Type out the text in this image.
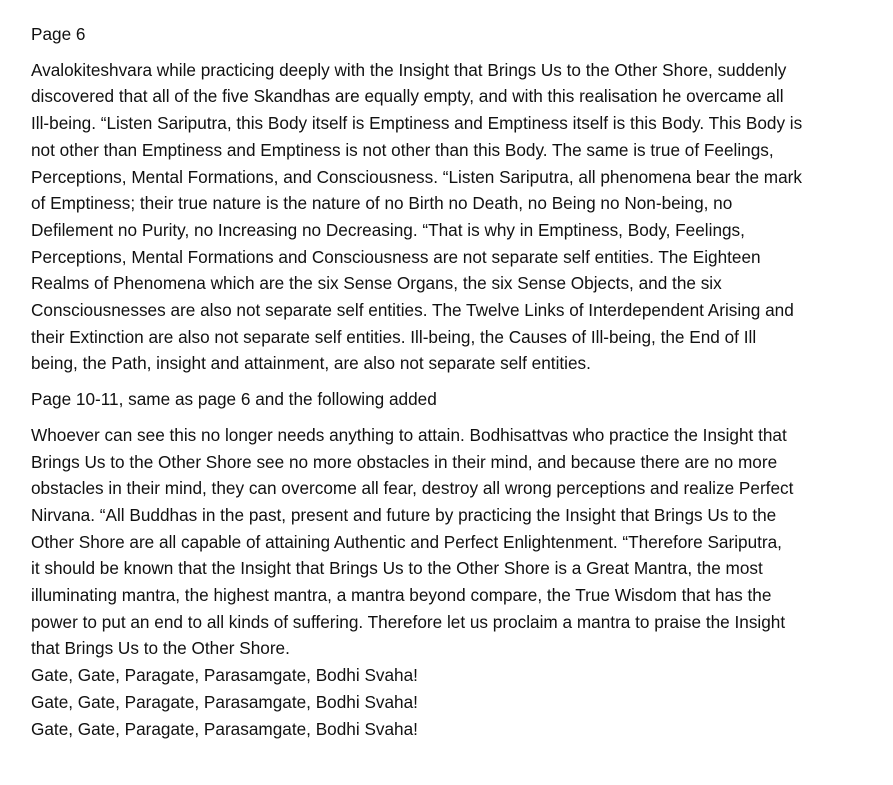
Page 6
Avalokiteshvara while practicing deeply with the Insight that Brings Us to the Other Shore, suddenly
discovered that all of the five Skandhas are equally empty, and with this realisation he overcame all
Ill-being. “Listen Sariputra, this Body itself is Emptiness and Emptiness itself is this Body. This Body is
not other than Emptiness and Emptiness is not other than this Body. The same is true of Feelings,
Perceptions, Mental Formations, and Consciousness. “Listen Sariputra, all phenomena bear the mark
of Emptiness; their true nature is the nature of no Birth no Death, no Being no Non-being, no
Defilement no Purity, no Increasing no Decreasing. “That is why in Emptiness, Body, Feelings,
Perceptions, Mental Formations and Consciousness are not separate self entities. The Eighteen
Realms of Phenomena which are the six Sense Organs, the six Sense Objects, and the six
Consciousnesses are also not separate self entities. The Twelve Links of Interdependent Arising and
their Extinction are also not separate self entities. Ill-being, the Causes of Ill-being, the End of Ill
being, the Path, insight and attainment, are also not separate self entities.
Page 10-11, same as page 6 and the following added
Whoever can see this no longer needs anything to attain. Bodhisattvas who practice the Insight that
Brings Us to the Other Shore see no more obstacles in their mind, and because there are no more
obstacles in their mind, they can overcome all fear, destroy all wrong perceptions and realize Perfect
Nirvana. “All Buddhas in the past, present and future by practicing the Insight that Brings Us to the
Other Shore are all capable of attaining Authentic and Perfect Enlightenment. “Therefore Sariputra,
it should be known that the Insight that Brings Us to the Other Shore is a Great Mantra, the most
illuminating mantra, the highest mantra, a mantra beyond compare, the True Wisdom that has the
power to put an end to all kinds of suffering. Therefore let us proclaim a mantra to praise the Insight
that Brings Us to the Other Shore.
Gate, Gate, Paragate, Parasamgate, Bodhi Svaha!
Gate, Gate, Paragate, Parasamgate, Bodhi Svaha!
Gate, Gate, Paragate, Parasamgate, Bodhi Svaha!
